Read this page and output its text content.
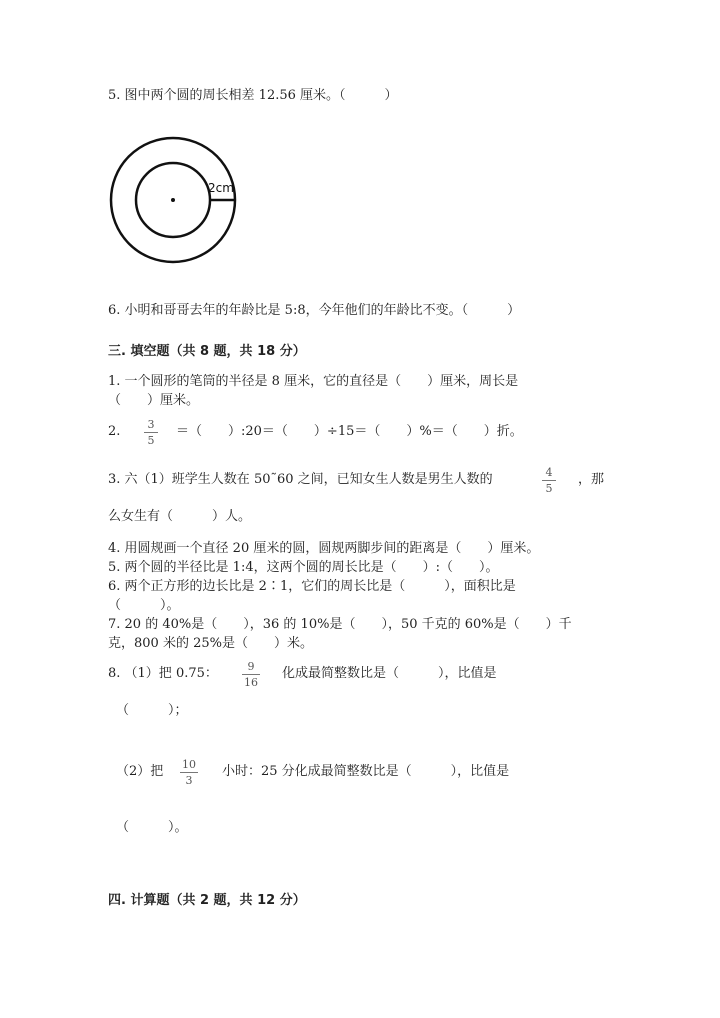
5. 图中两个圆的周长相差 12.56 厘米。（　　　）
2cm
6. 小明和哥哥去年的年龄比是 5:8，今年他们的年龄比不变。（　　　）
三. 填空题（共 8 题，共 18 分）
1. 一个圆形的笔筒的半径是 8 厘米，它的直径是（　　）厘米，周长是
（　　）厘米。
2. 3
5
＝（　　）:20＝（　　）÷15＝（　　）%＝（　　）折。
3. 六（1）班学生人数在 50˜60 之间，已知女生人数是男生人数的	4
5
，那
么女生有（　　　）人。
4. 用圆规画一个直径 20 厘米的圆，圆规两脚步间的距离是（　　）厘米。
5. 两个圆的半径比是 1:4，这两个圆的周长比是（　　）:（　　）。
6. 两个正方形的边长比是 2∶1，它们的周长比是（　　　），面积比是
（　　　）。
7. 20 的 40%是（　　），36 的 10%是（　　），50 千克的 60%是（　　）千
克，800 米的 25%是（　　）米。
8. （1）把 0.75：	9
16
化成最简整数比是（　　　），比值是
（　　　）；
（2）把 10
3
小时：25 分化成最简整数比是（　　　），比值是
（　　　）。
四. 计算题（共 2 题，共 12 分）
